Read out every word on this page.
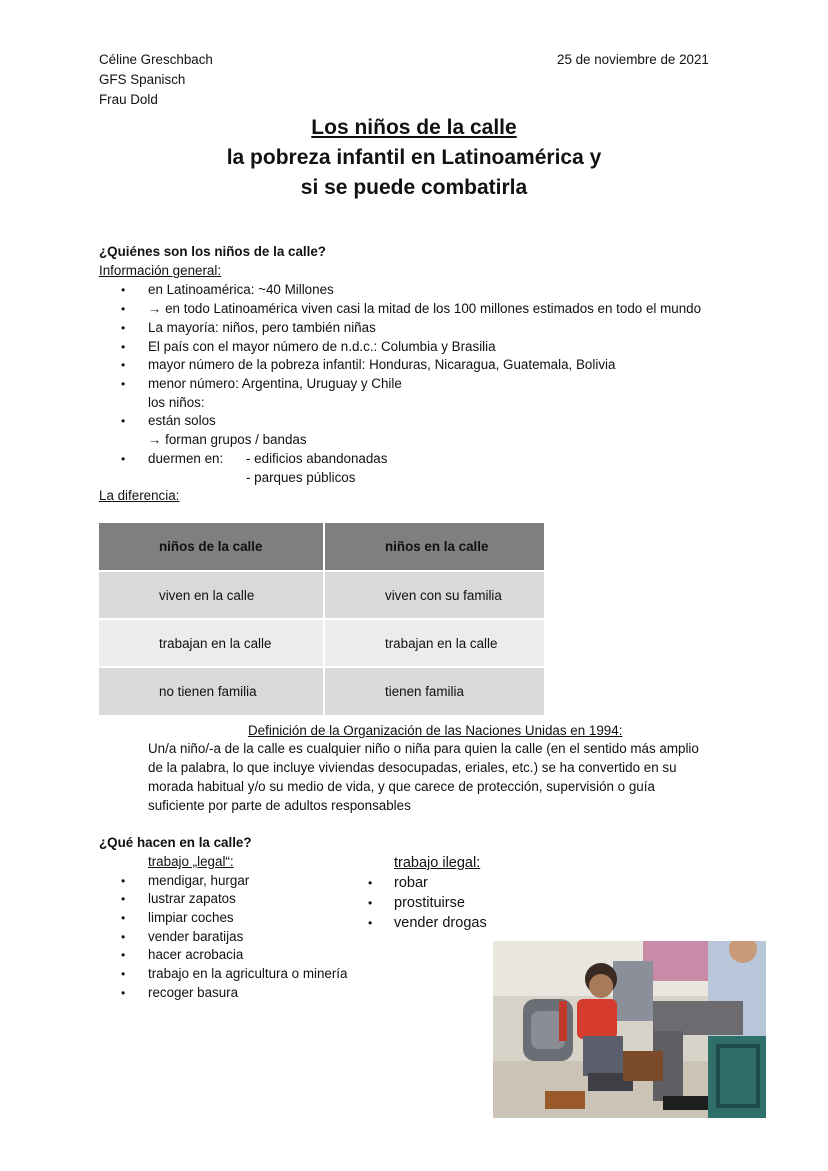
Céline Greschbach
GFS Spanisch
Frau Dold
25 de noviembre de 2021
Los niños de la calle
la pobreza infantil en Latinoamérica y
si se puede combatirla
¿Quiénes son los niños de la calle?
Información general:
• en Latinoamérica: ~40 Millones
• → en todo Latinoamérica viven casi la mitad de los 100 millones estimados en todo el mundo
• La mayoría: niños, pero también niñas
• El país con el mayor número de n.d.c.: Columbia y Brasilia
• mayor número de la pobreza infantil: Honduras, Nicaragua, Guatemala, Bolivia
• menor número: Argentina, Uruguay y Chile
los niños:
• están solos
→ forman grupos / bandas
• duermen en: - edificios abandonadas
- parques públicos
La diferencia:
niños de la calle	niños en la calle
viven en la calle	viven con su familia
trabajan en la calle	trabajan en la calle
no tienen familia	tienen familia
Definición de la Organización de las Naciones Unidas en 1994:
Un/a niño/-a de la calle es cualquier niño o niña para quien la calle (en el sentido más amplio
de la palabra, lo que incluye viviendas desocupadas, eriales, etc.) se ha convertido en su
morada habitual y/o su medio de vida, y que carece de protección, supervisión o guía
suficiente por parte de adultos responsables
¿Qué hacen en la calle?
trabajo „legal“:
• mendigar, hurgar
• lustrar zapatos
• limpiar coches
• vender baratijas
• hacer acrobacia
• trabajo en la agricultura o minería
• recoger basura
trabajo ilegal:
• robar
• prostituirse
• vender drogas
